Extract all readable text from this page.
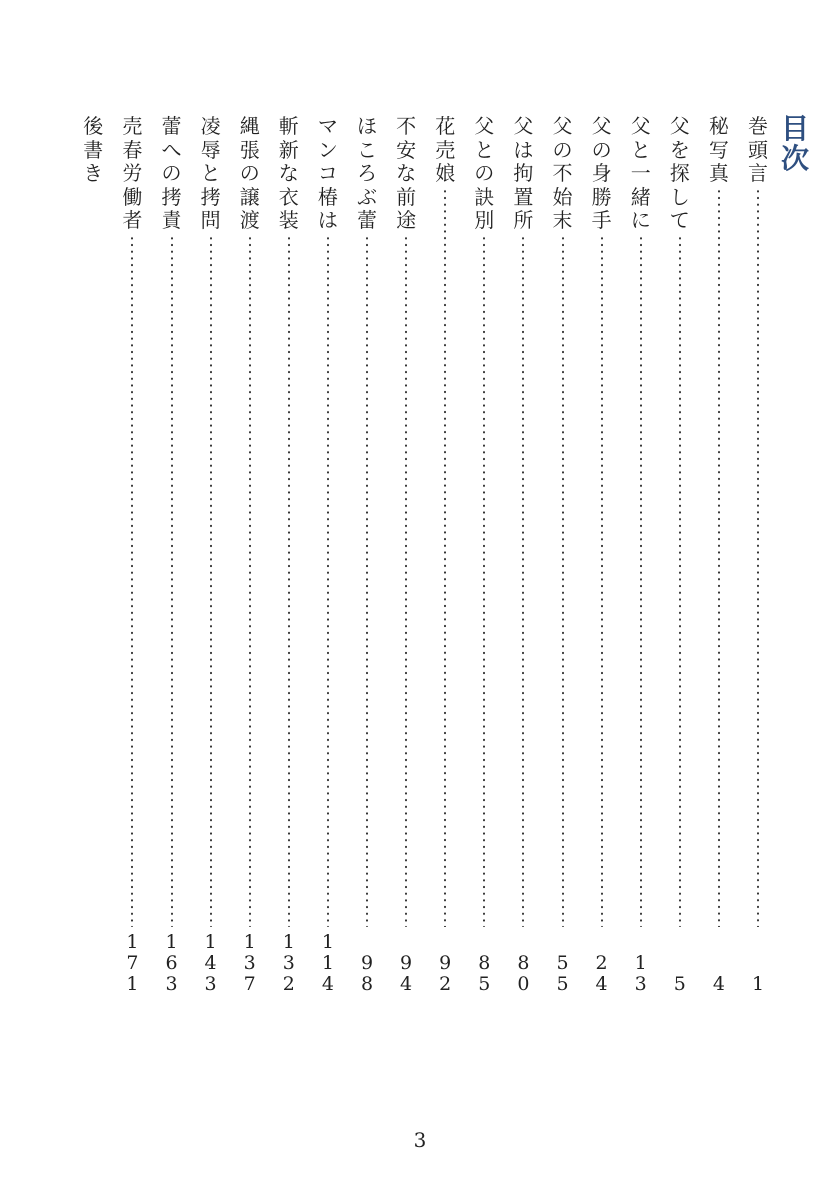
目
次
巻
頭
言
1
秘
写
真
4
父
を
探
し
て
5
父
と
一
緒
に
1
3
父
の
身
勝
手
2
4
父
の
不
始
末
5
5
父
は
拘
置
所
8
0
父
と
の
訣
別
8
5
花
売
娘
9
2
不
安
な
前
途
9
4
ほ
こ
ろ
ぶ
蕾
9
8
マ
ン
コ
椿
は
1
1
4
斬
新
な
衣
装
1
3
2
縄
張
の
譲
渡
1
3
7
凌
辱
と
拷
問
1
4
3
蕾
へ
の
拷
責
1
6
3
売
春
労
働
者
1
7
1
後
書
き
3
